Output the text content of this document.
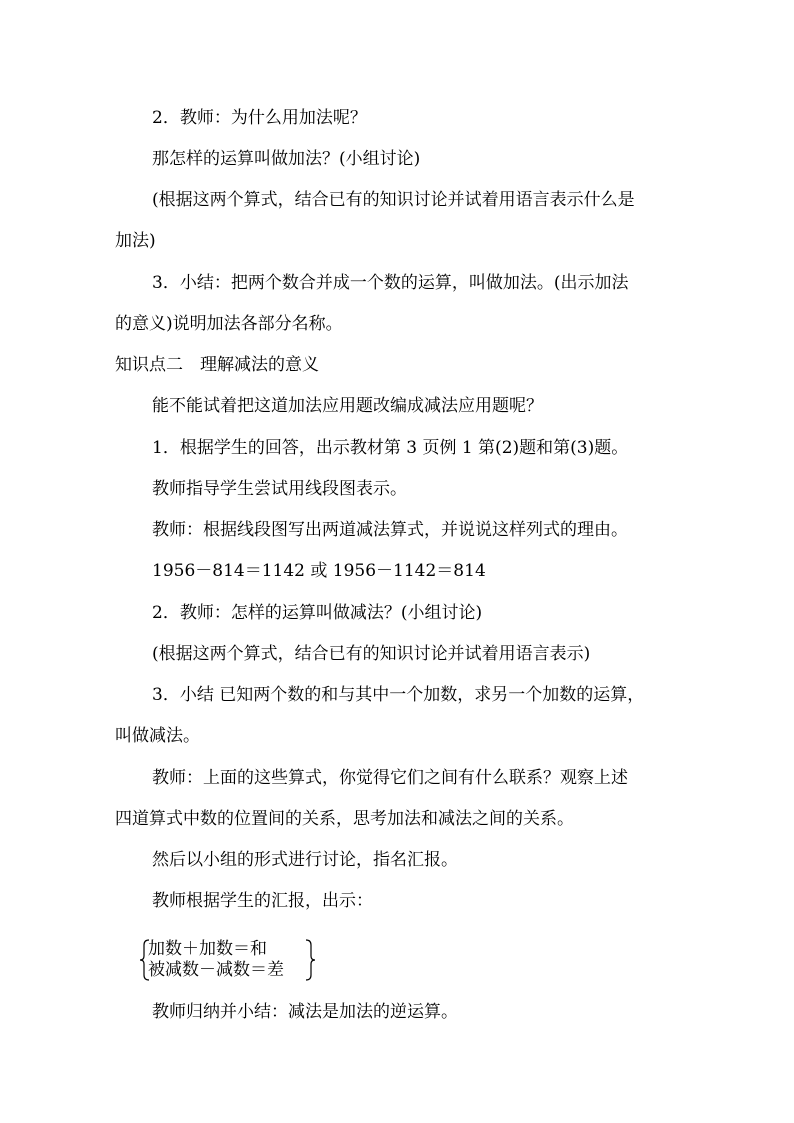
2．教师：为什么用加法呢？
那怎样的运算叫做加法？(小组讨论)
(根据这两个算式，结合已有的知识讨论并试着用语言表示什么是
加法)
3．小结：把两个数合并成一个数的运算，叫做加法。(出示加法
的意义)说明加法各部分名称。
知识点二　理解减法的意义
能不能试着把这道加法应用题改编成减法应用题呢？
1．根据学生的回答，出示教材第 3 页例 1 第(2)题和第(3)题。
教师指导学生尝试用线段图表示。
教师：根据线段图写出两道减法算式，并说说这样列式的理由。
1956－814＝1142 或 1956－1142＝814
2．教师：怎样的运算叫做减法？(小组讨论)
(根据这两个算式，结合已有的知识讨论并试着用语言表示)
3．小结 已知两个数的和与其中一个加数，求另一个加数的运算，
叫做减法。
教师：上面的这些算式，你觉得它们之间有什么联系？观察上述
四道算式中数的位置间的关系，思考加法和减法之间的关系。
然后以小组的形式进行讨论，指名汇报。
教师根据学生的汇报，出示：
加数＋加数＝和
被减数－减数＝差
教师归纳并小结：减法是加法的逆运算。
